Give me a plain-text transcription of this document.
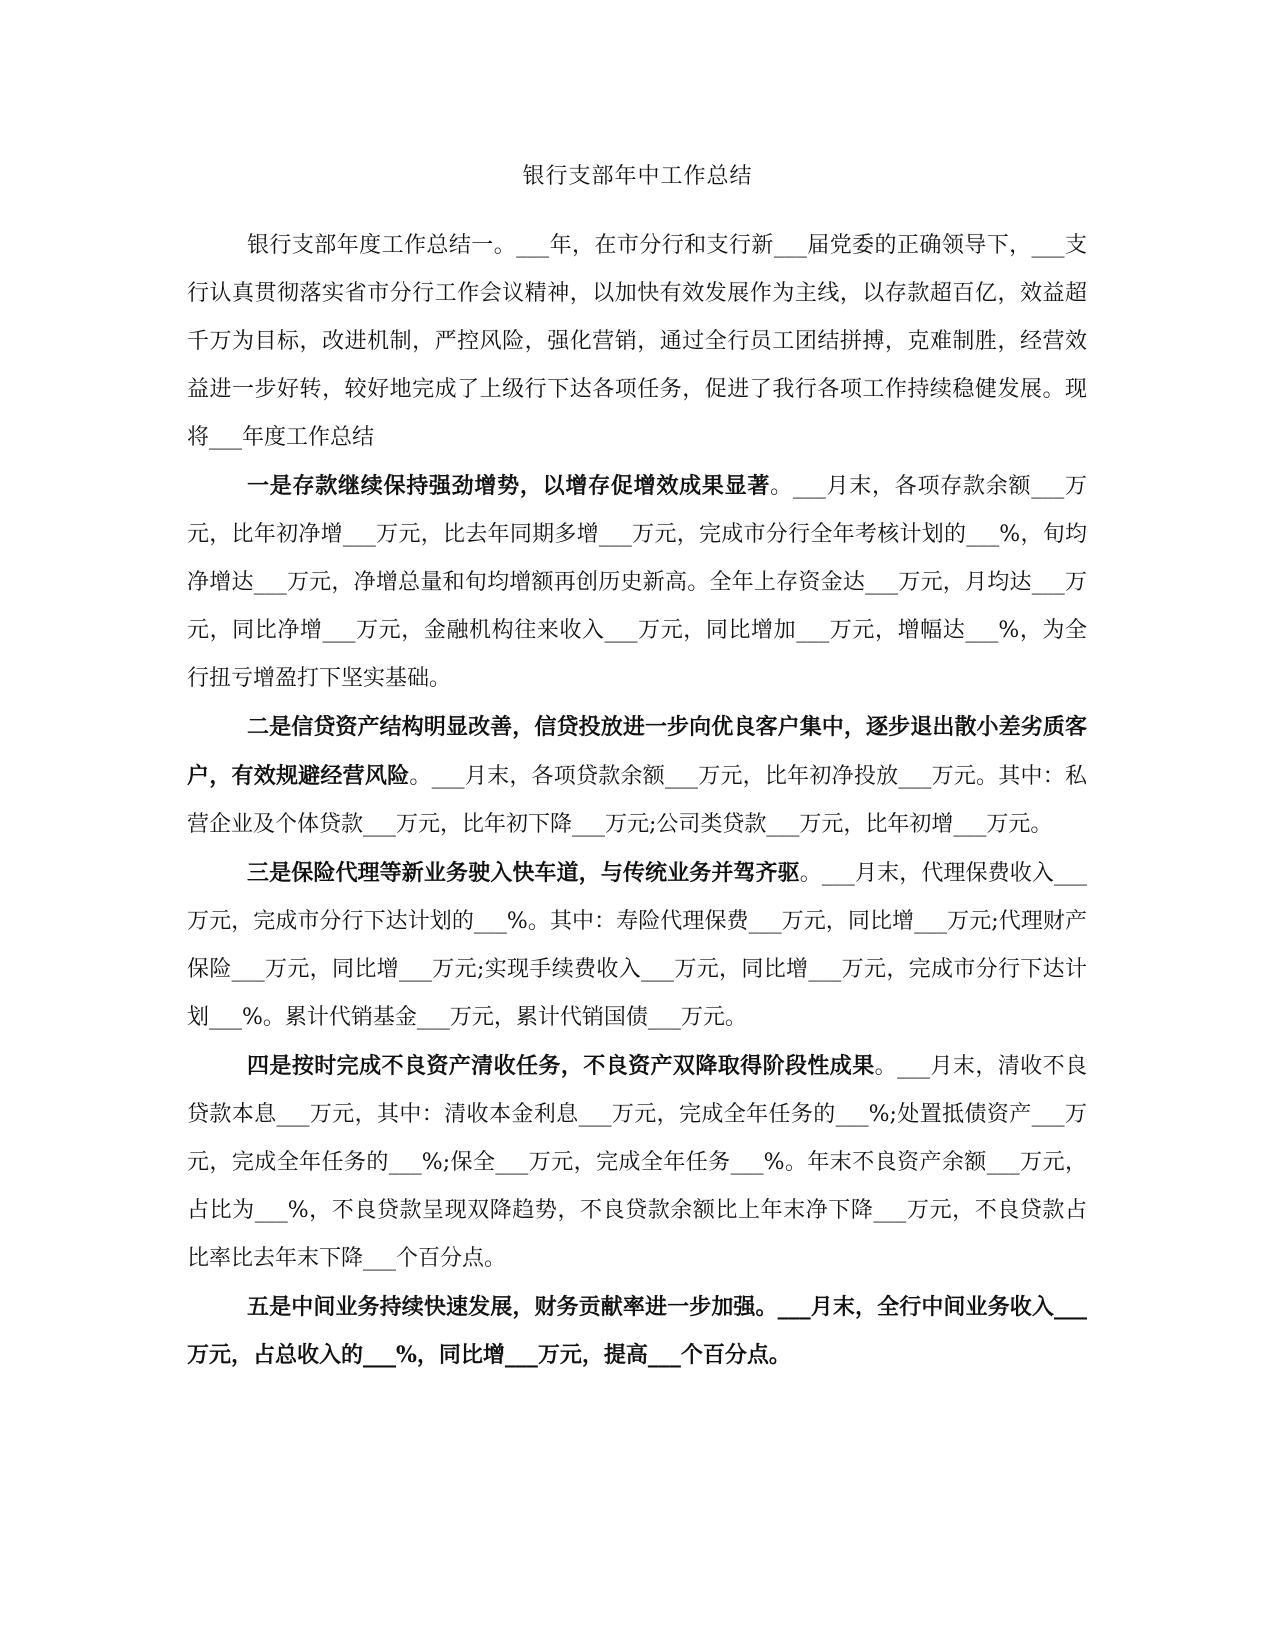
银行支部年中工作总结

银行支部年度工作总结一。___年，在市分行和支行新___届党委的正确领导下，___支行认真贯彻落实省市分行工作会议精神，以加快有效发展作为主线，以存款超百亿，效益超千万为目标，改进机制，严控风险，强化营销，通过全行员工团结拼搏，克难制胜，经营效益进一步好转，较好地完成了上级行下达各项任务，促进了我行各项工作持续稳健发展。现将___年度工作总结

一是存款继续保持强劲增势，以增存促增效成果显著。___月末，各项存款余额___万元，比年初净增___万元，比去年同期多增___万元，完成市分行全年考核计划的___%，旬均净增达___万元，净增总量和旬均增额再创历史新高。全年上存资金达___万元，月均达___万元，同比净增___万元，金融机构往来收入___万元，同比增加___万元，增幅达___%，为全行扭亏增盈打下坚实基础。

二是信贷资产结构明显改善，信贷投放进一步向优良客户集中，逐步退出散小差劣质客户，有效规避经营风险。___月末，各项贷款余额___万元，比年初净投放___万元。其中：私营企业及个体贷款___万元，比年初下降___万元;公司类贷款___万元，比年初增___万元。

三是保险代理等新业务驶入快车道，与传统业务并驾齐驱。___月末，代理保费收入___万元，完成市分行下达计划的___%。其中：寿险代理保费___万元，同比增___万元;代理财产保险___万元，同比增___万元;实现手续费收入___万元，同比增___万元，完成市分行下达计划___%。累计代销基金___万元，累计代销国债___万元。

四是按时完成不良资产清收任务，不良资产双降取得阶段性成果。___月末，清收不良贷款本息___万元，其中：清收本金利息___万元，完成全年任务的___%;处置抵债资产___万元，完成全年任务的___%;保全___万元，完成全年任务___%。年末不良资产余额___万元，占比为___%，不良贷款呈现双降趋势，不良贷款余额比上年末净下降___万元，不良贷款占比率比去年末下降___个百分点。

五是中间业务持续快速发展，财务贡献率进一步加强。___月末，全行中间业务收入___万元，占总收入的___%，同比增___万元，提高___个百分点。
